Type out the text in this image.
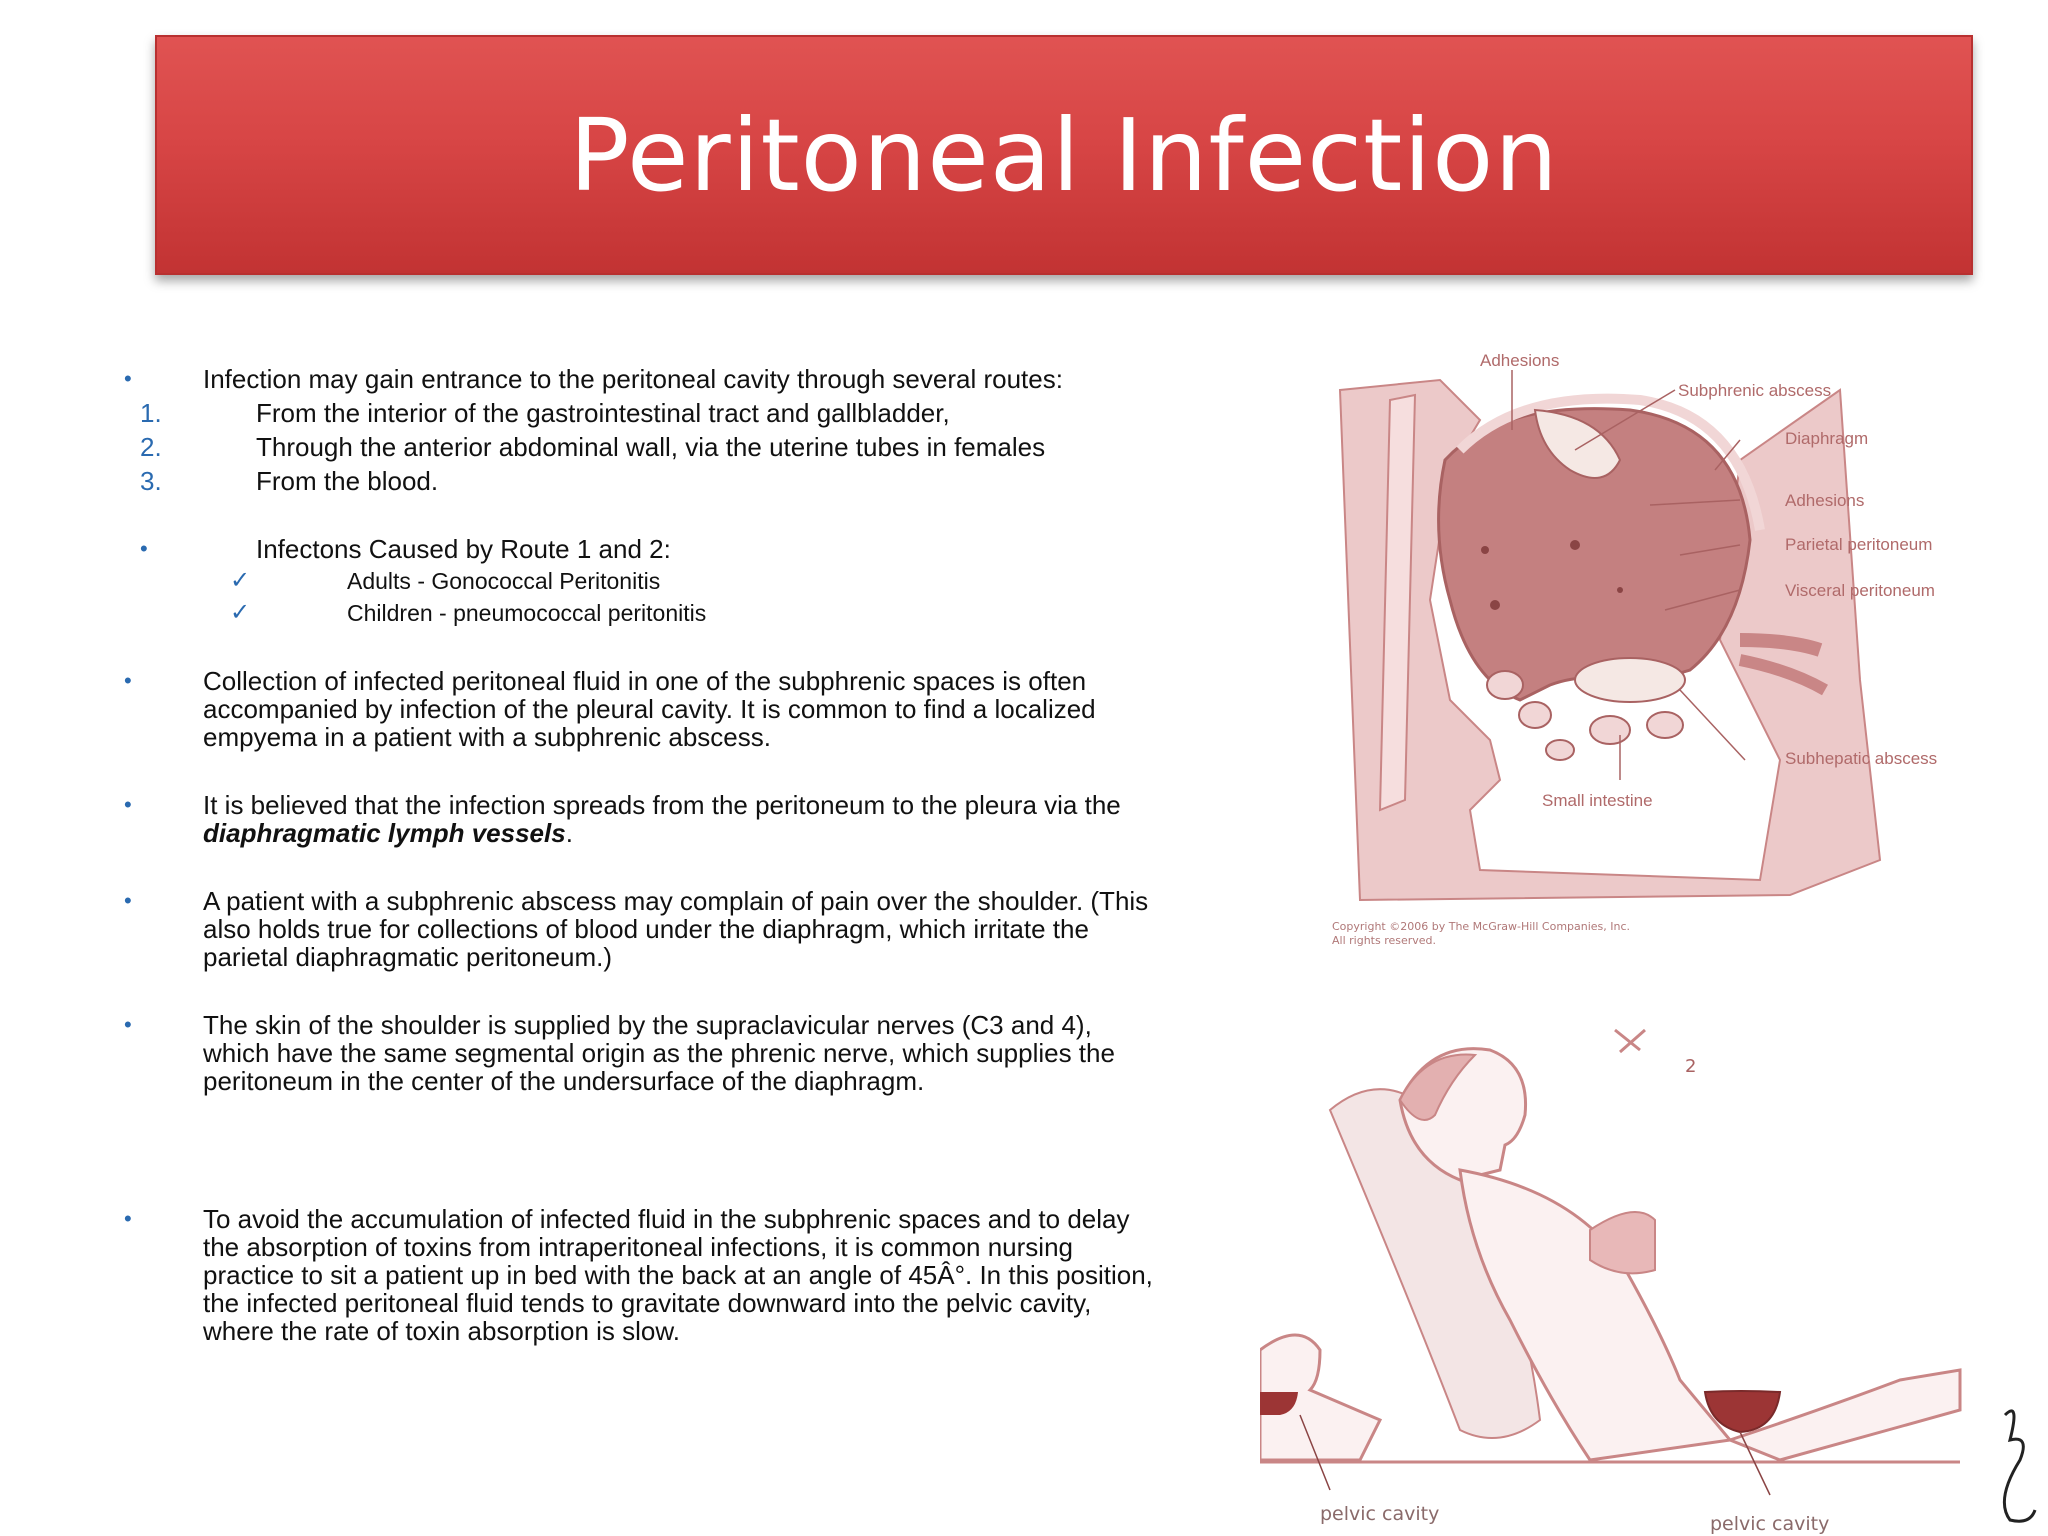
Peritoneal Infection
•	Infection may gain entrance to the peritoneal cavity through several routes:
1.	From the interior of the gastrointestinal tract and gallbladder,
2.	Through the anterior abdominal wall, via the uterine tubes in females
3.	From the blood.
•	Infectons Caused by Route 1 and 2:
✓	Adults - Gonococcal Peritonitis
✓	Children - pneumococcal peritonitis
•	Collection of infected peritoneal fluid in one of the subphrenic spaces is often accompanied by infection of the pleural cavity. It is common to find a localized empyema in a patient with a subphrenic abscess.
•	It is believed that the infection spreads from the peritoneum to the pleura via the diaphragmatic lymph vessels.
•	A patient with a subphrenic abscess may complain of pain over the shoulder. (This also holds true for collections of blood under the diaphragm, which irritate the parietal diaphragmatic peritoneum.)
•	The skin of the shoulder is supplied by the supraclavicular nerves (C3 and 4), which have the same segmental origin as the phrenic nerve, which supplies the peritoneum in the center of the undersurface of the diaphragm.
•	To avoid the accumulation of infected fluid in the subphrenic spaces and to delay the absorption of toxins from intraperitoneal infections, it is common nursing practice to sit a patient up in bed with the back at an angle of 45Â°. In this position, the infected peritoneal fluid tends to gravitate downward into the pelvic cavity, where the rate of toxin absorption is slow.
Adhesions
Subphrenic abscess
Diaphragm
Adhesions
Parietal peritoneum
Visceral peritoneum
Subhepatic abscess
Small intestine
Copyright ©2006 by The McGraw-Hill Companies, Inc.
All rights reserved.
2
pelvic cavity	pelvic cavity
